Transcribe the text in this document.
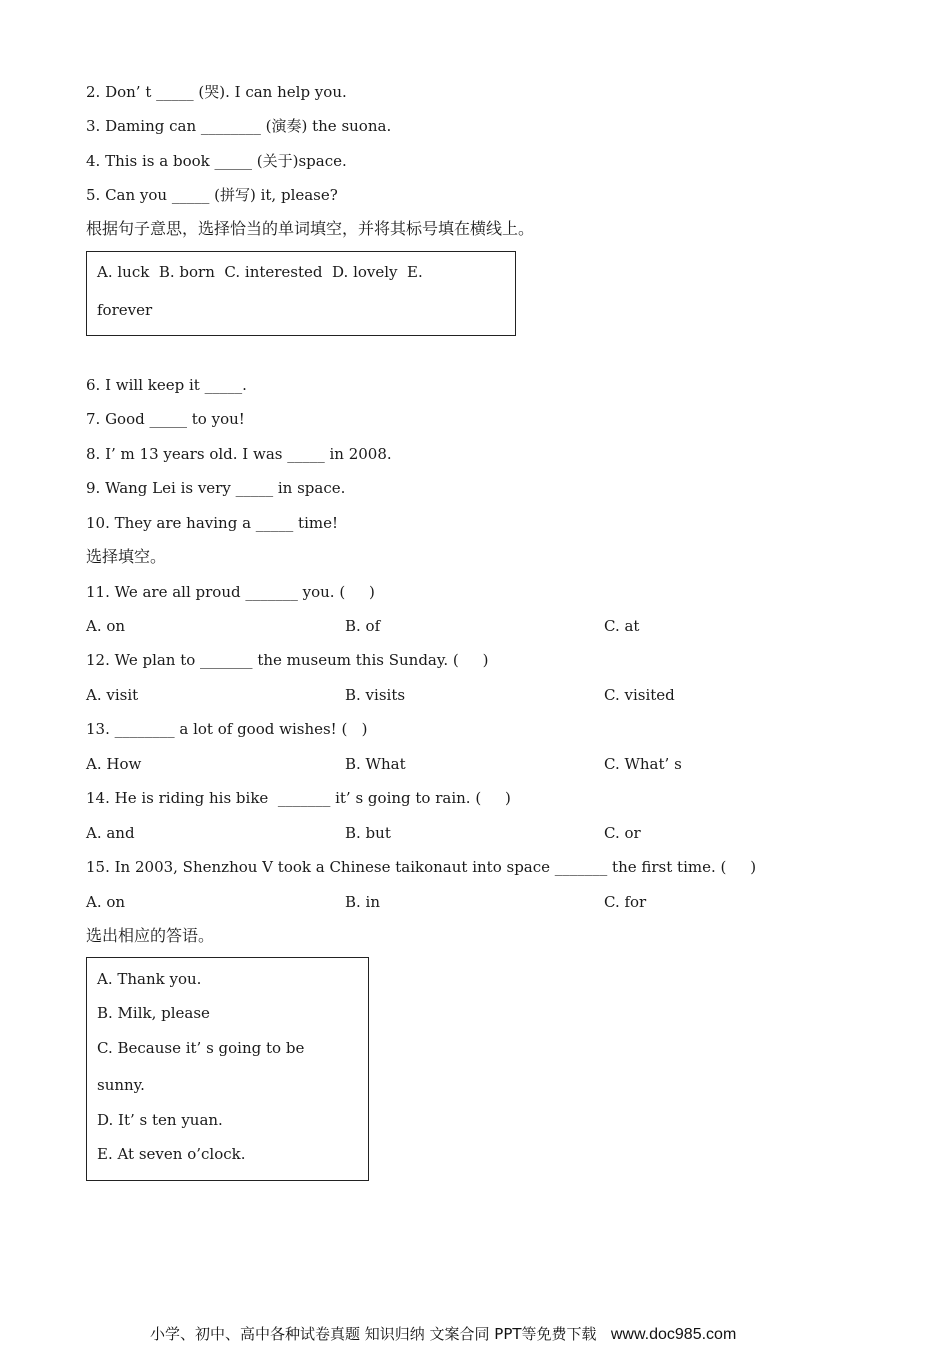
2. Don’ t _____ (哭). I can help you.
3. Daming can ________ (演奏) the suona.
4. This is a book _____ (关于)space.
5. Can you _____ (拼写) it, please?
根据句子意思，选择恰当的单词填空，并将其标号填在横线上。
A. luck  B. born  C. interested  D. lovely  E.
forever
6. I will keep it _____.
7. Good _____ to you!
8. I’ m 13 years old. I was _____ in 2008.
9. Wang Lei is very _____ in space.
10. They are having a _____ time!
选择填空。
11. We are all proud _______ you. (     )
A. on	B. of	C. at
12. We plan to _______ the museum this Sunday. (     )
A. visit	B. visits	C. visited
13. ________ a lot of good wishes! (   )
A. How	B. What	C. What’ s
14. He is riding his bike  _______ it’ s going to rain. (     )
A. and	B. but	C. or
15. In 2003, Shenzhou V took a Chinese taikonaut into space _______ the first time. (     )
A. on	B. in	C. for
选出相应的答语。
A. Thank you.
B. Milk, please
C. Because it’ s going to be
sunny.
D. It’ s ten yuan.
E. At seven o’clock.
小学、初中、高中各种试卷真题 知识归纳 文案合同 PPT等免费下载 www.doc985.com
